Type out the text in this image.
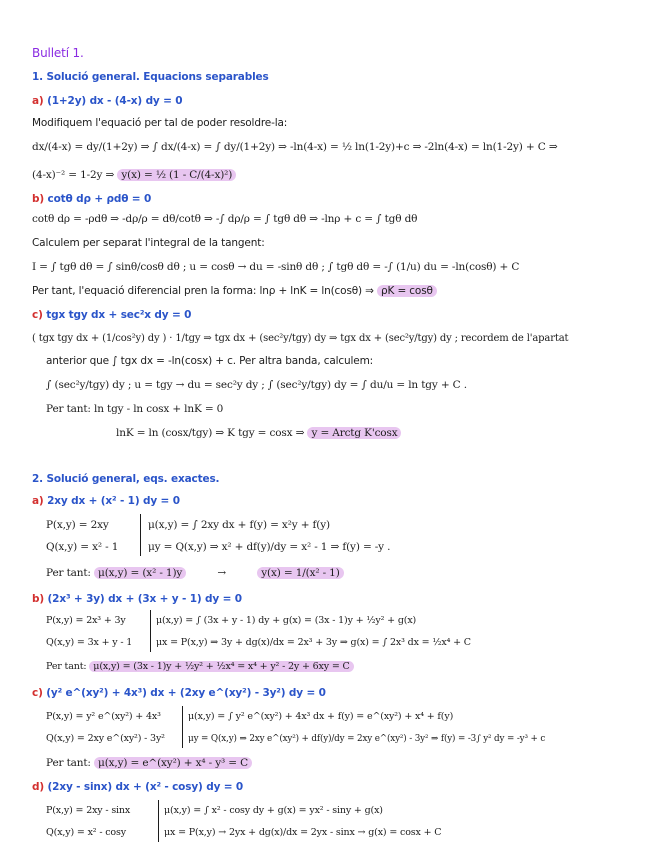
Bulletí 1.
1. Solució general. Equacions separables
a) (1+2y) dx - (4-x) dy = 0
Modifiquem l'equació per tal de poder resoldre-la:
dx/(4-x) = dy/(1+2y) ⇒ ∫ dx/(4-x) = ∫ dy/(1+2y) ⇒ -ln(4-x) = ½ ln(1-2y)+c ⇒ -2ln(4-x) = ln(1-2y) + C ⇒
(4-x)⁻² = 1-2y ⇒ y(x) = ½ (1 - C/(4-x)²)
b) cotθ dρ + ρdθ = 0
cotθ dρ = -ρdθ ⇒ -dρ/ρ = dθ/cotθ ⇒ -∫ dρ/ρ = ∫ tgθ dθ ⇒ -lnρ + c = ∫ tgθ dθ
Calculem per separat l'integral de la tangent:
I = ∫ tgθ dθ = ∫ sinθ/cosθ dθ ; u = cosθ → du = -sinθ dθ ; ∫ tgθ dθ = -∫ (1/u) du = -ln(cosθ) + C
Per tant, l'equació diferencial pren la forma: lnρ + lnK = ln(cosθ) ⇒ ρK = cosθ
c) tgx tgy dx + sec²x dy = 0
( tgx tgy dx + (1/cos²y) dy ) · 1/tgy ⇒ tgx dx + (sec²y/tgy) dy ⇒ tgx dx + (sec²y/tgy) dy ; recordem de l'apartat
anterior que ∫ tgx dx = -ln(cosx) + c. Per altra banda, calculem:
∫ (sec²y/tgy) dy ; u = tgy → du = sec²y dy ; ∫ (sec²y/tgy) dy = ∫ du/u = ln tgy + C .
Per tant: ln tgy - ln cosx + lnK = 0
lnK = ln (cosx/tgy) ⇒ K tgy = cosx ⇒ y = Arctg K'cosx
2. Solució general, eqs. exactes.
a) 2xy dx + (x² - 1) dy = 0
P(x,y) = 2xy
Q(x,y) = x² - 1
μ(x,y) = ∫ 2xy dx + f(y) = x²y + f(y)
μy = Q(x,y) ⇒ x² + df(y)/dy = x² - 1 ⇒ f(y) = -y .
Per tant: μ(x,y) = (x² - 1)y	→	y(x) = 1/(x² - 1)
b) (2x³ + 3y) dx + (3x + y - 1) dy = 0
P(x,y) = 2x³ + 3y
Q(x,y) = 3x + y - 1
μ(x,y) = ∫ (3x + y - 1) dy + g(x) = (3x - 1)y + ½y² + g(x)
μx = P(x,y) ⇒ 3y + dg(x)/dx = 2x³ + 3y ⇒ g(x) = ∫ 2x³ dx = ½x⁴ + C
Per tant: μ(x,y) = (3x - 1)y + ½y² + ½x⁴ = x⁴ + y² - 2y + 6xy = C
c) (y² e^(xy²) + 4x³) dx + (2xy e^(xy²) - 3y²) dy = 0
P(x,y) = y² e^(xy²) + 4x³
Q(x,y) = 2xy e^(xy²) - 3y²
μ(x,y) = ∫ y² e^(xy²) + 4x³ dx + f(y) = e^(xy²) + x⁴ + f(y)
μy = Q(x,y) ⇒ 2xy e^(xy²) + df(y)/dy = 2xy e^(xy²) - 3y² ⇒ f(y) = -3∫ y² dy = -y³ + c
Per tant: μ(x,y) = e^(xy²) + x⁴ - y³ = C
d) (2xy - sinx) dx + (x² - cosy) dy = 0
P(x,y) = 2xy - sinx
Q(x,y) = x² - cosy
μ(x,y) = ∫ x² - cosy dy + g(x) = yx² - siny + g(x)
μx = P(x,y) → 2yx + dg(x)/dx = 2yx - sinx → g(x) = cosx + C
